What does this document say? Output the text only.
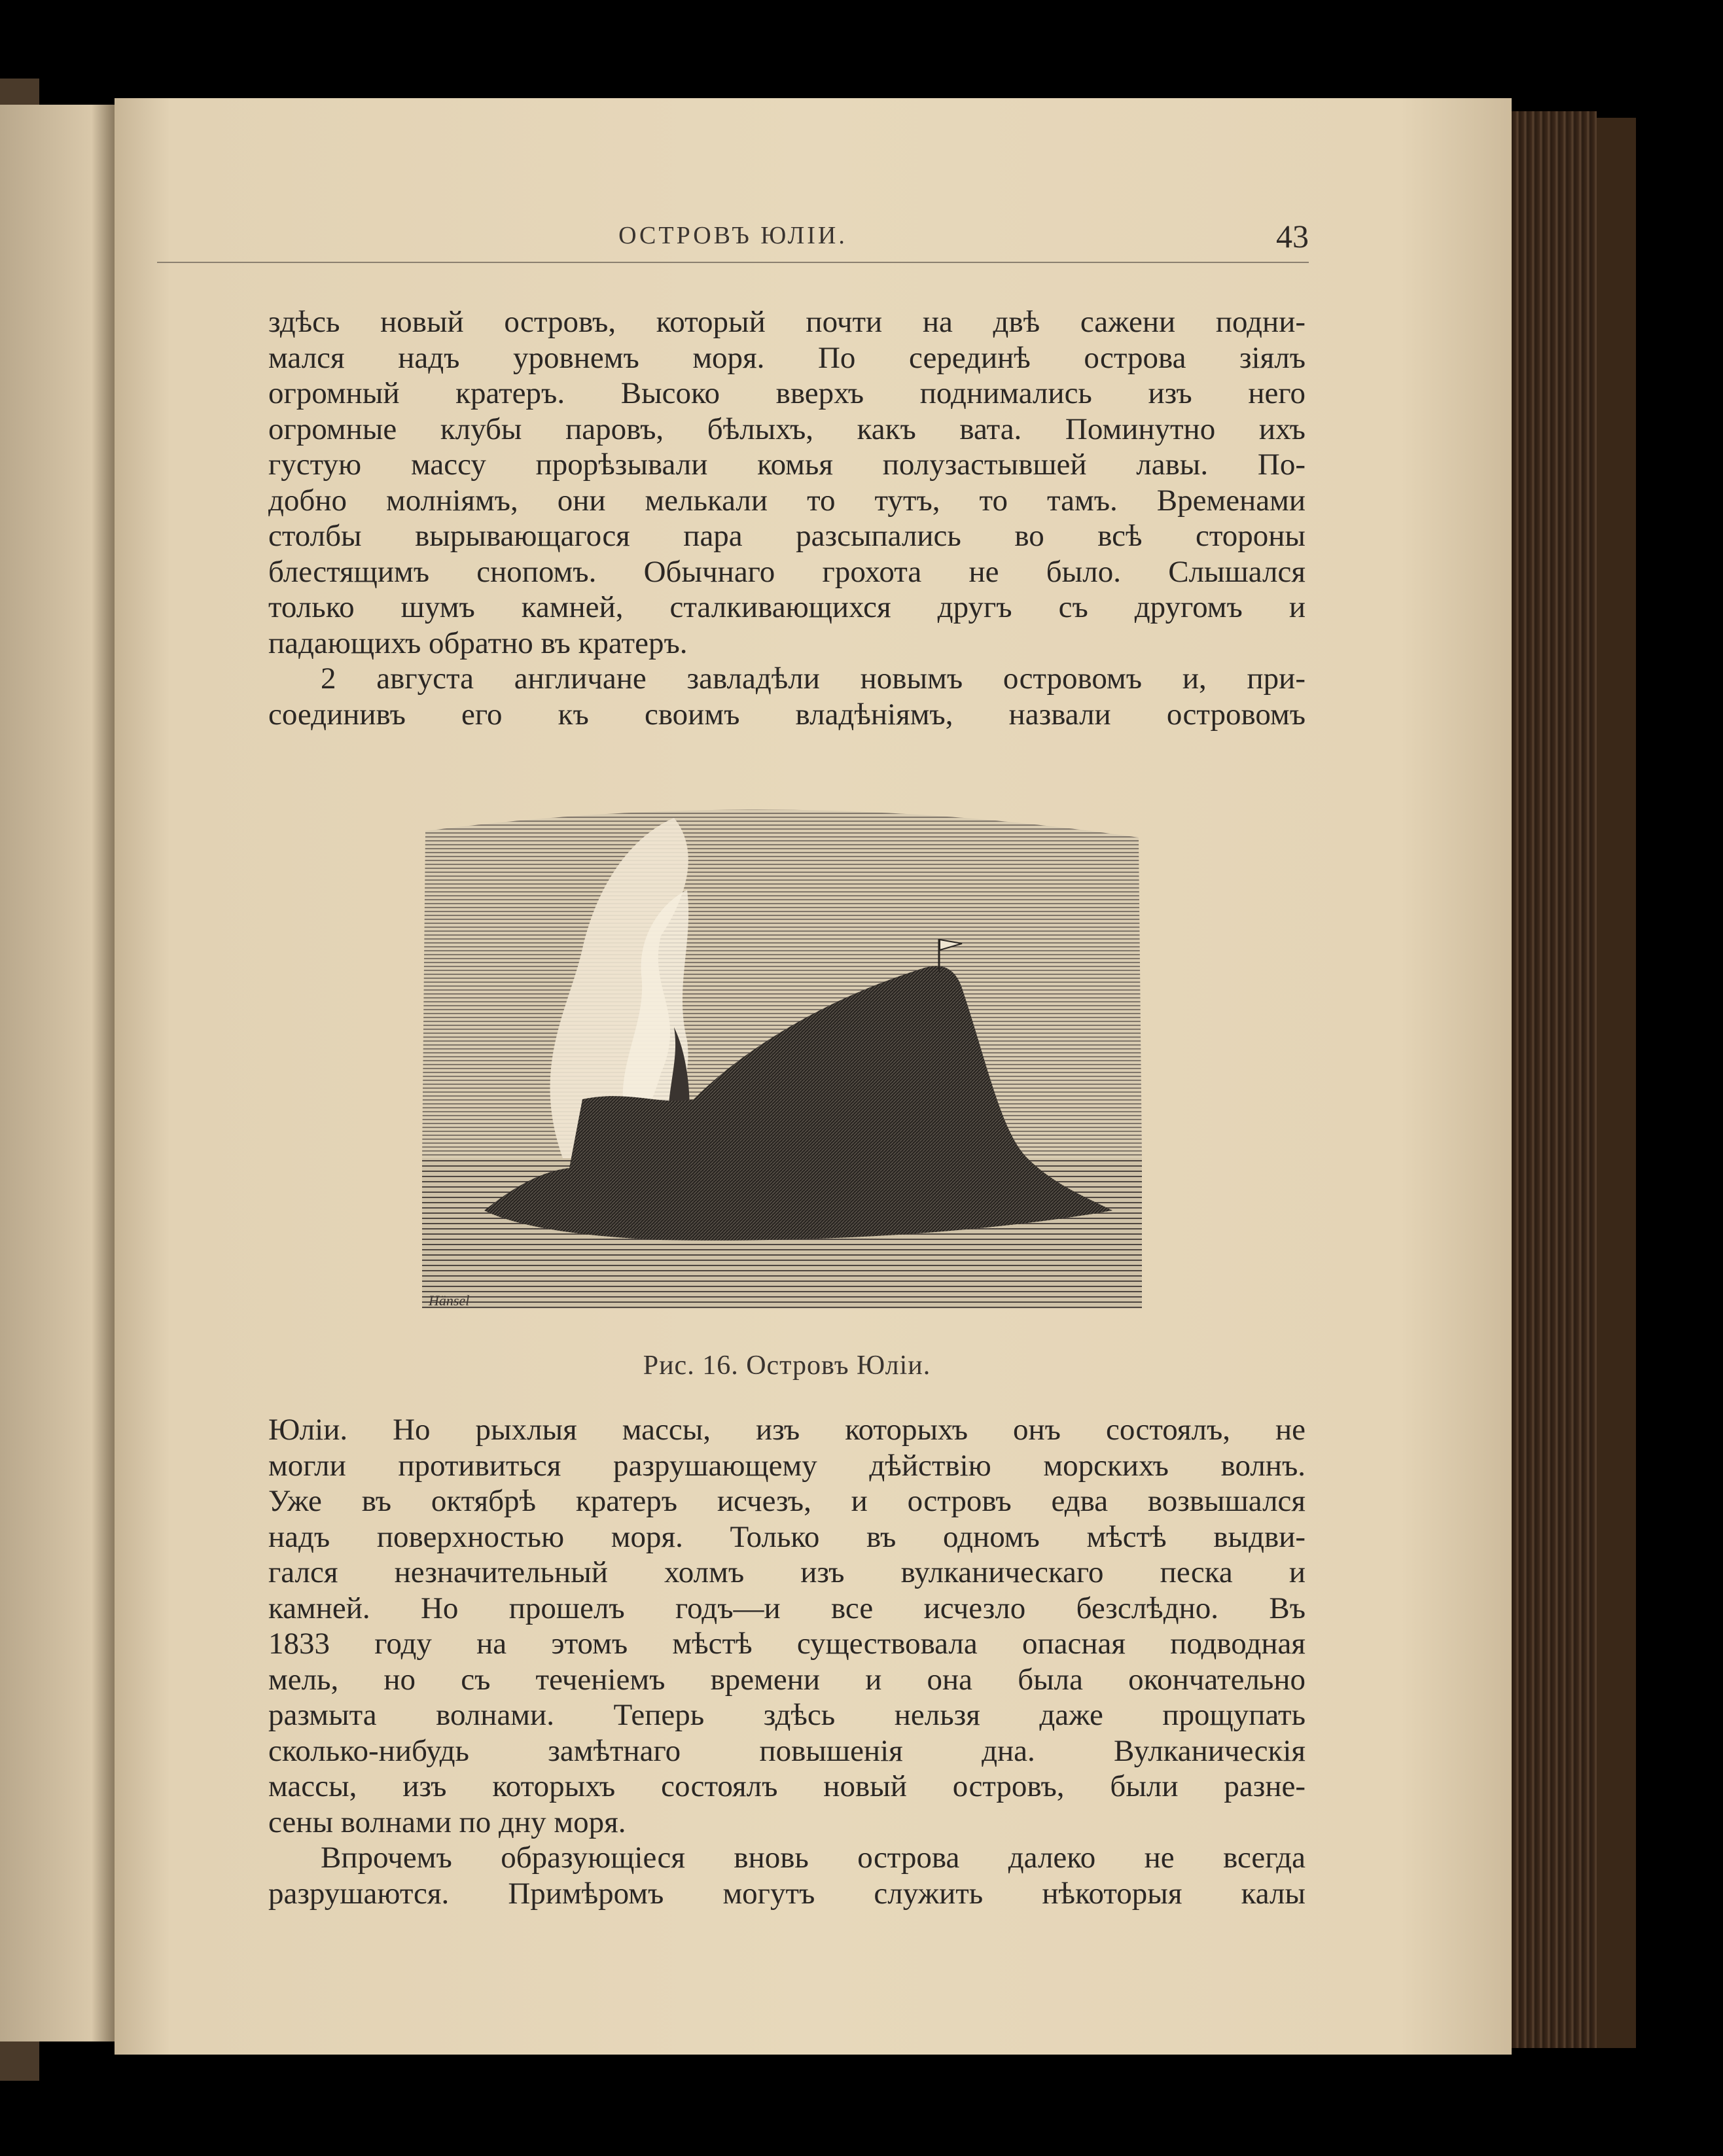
ОСТРОВЪ ЮЛІИ.	43

здѣсь новый островъ, который почти на двѣ сажени подни-

мался надъ уровнемъ моря. По серединѣ острова зіялъ

огромный кратеръ. Высоко вверхъ поднимались изъ него

огромные клубы паровъ, бѣлыхъ, какъ вата. Поминутно ихъ

густую массу прорѣзывали комья полузастывшей лавы. По-

добно молніямъ, они мелькали то тутъ, то тамъ. Временами

столбы вырывающагося пара разсыпались во всѣ стороны

блестящимъ снопомъ. Обычнаго грохота не было. Слышался

только шумъ камней, сталкивающихся другъ съ другомъ и

падающихъ обратно въ кратеръ.

2 августа англичане завладѣли новымъ островомъ и, при-

соединивъ его къ своимъ владѣніямъ, назвали островомъ

Hänsel
Рис. 16. Островъ Юліи.

Юліи. Но рыхлыя массы, изъ которыхъ онъ состоялъ, не

могли противиться разрушающему дѣйствію морскихъ волнъ.

Уже въ октябрѣ кратеръ исчезъ, и островъ едва возвышался

надъ поверхностью моря. Только въ одномъ мѣстѣ выдви-

гался незначительный холмъ изъ вулканическаго песка и

камней. Но прошелъ годъ—и все исчезло безслѣдно. Въ

1833 году на этомъ мѣстѣ существовала опасная подводная

мель, но съ теченіемъ времени и она была окончательно

размыта волнами. Теперь здѣсь нельзя даже прощупать

сколько-нибудь замѣтнаго повышенія дна. Вулканическія

массы, изъ которыхъ состоялъ новый островъ, были разне-

сены волнами по дну моря.

Впрочемъ образующіеся вновь острова далеко не всегда

разрушаются. Примѣромъ могутъ служить нѣкоторыя калы
